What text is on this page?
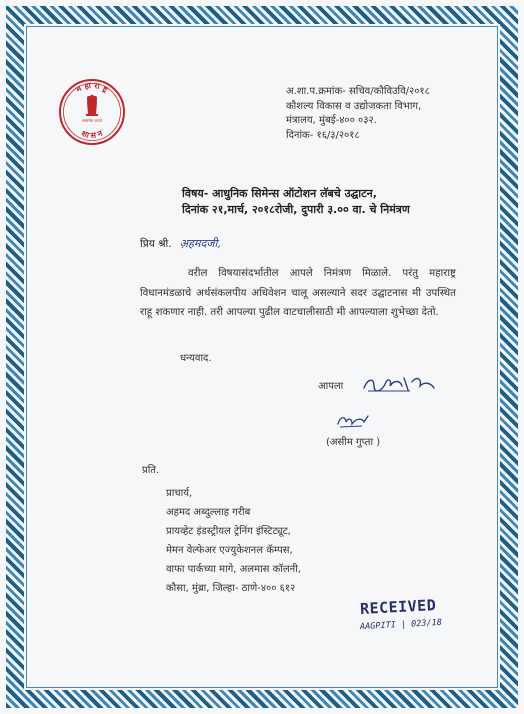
म हा रा ष्ट्र
शा स न
सत्यमेव जयते
अ.शा.प.क्रमांक- सचिव/कौविउवि/२०१८
कौशल्य विकास व उद्योजकता विभाग,
मंत्रालय, मुंबई-४०० ०३२.
दिनांक- १६/३/२०१८
विषय- आधुनिक सिमेन्स ऑटोशन लॅबचे उद्घाटन,
दिनांक २१,मार्च, २०१८रोजी, दुपारी ३.०० वा. चे निमंत्रण
प्रिय श्री. अ़हमदजी,

वरील विषयासंदर्भातील आपले निमंत्रण मिळाले. परंतु महाराष्ट्र विधानमंडळाचे अर्थसंकलपीय अधिवेशन चालू असल्याने सदर उद्घाटनास मी उपस्थित राहू शकणार नाही. तरी आपल्या पुढील वाटचालीसाठी मी आपल्याला शुभेच्छा देतो.

धन्यवाद.
आपला
(असीम गुप्ता )
प्रति.
प्राचार्य,
अहमद अब्दुल्लाह गरीब
प्रायव्हेट इंडस्ट्रीयल ट्रेनिंग इंस्टिट्यूट,
मेमन वेल्फेअर एज्युकेशनल कॅम्पस,
वाफा पार्कच्या मागे, अलमास कॉलनी,
कौसा, मुंब्रा, जिल्हा- ठाणे-४०० ६१२
RECEIVED
AAGPITI | 023/18
